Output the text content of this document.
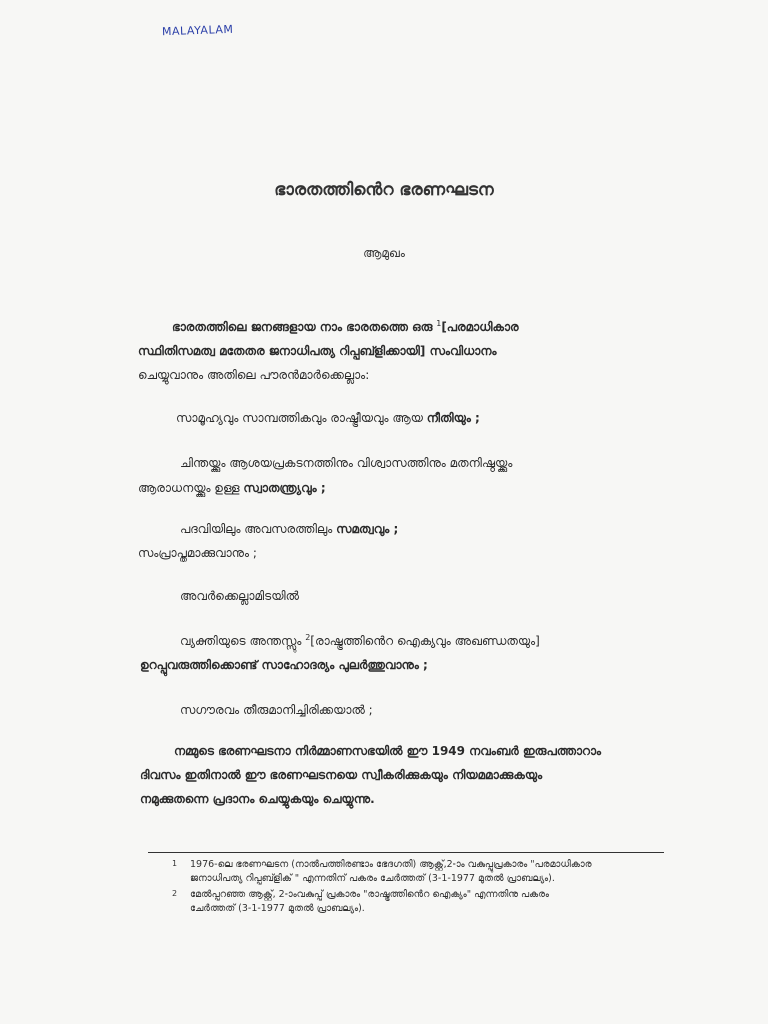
MALAYALAM
ഭാരതത്തിൻെറ ഭരണഘടന
ആമുഖം
ഭാരതത്തിലെ ജനങ്ങളായ നാം ഭാരതത്തെ ഒരു $^1$[പരമാധികാര
സ്ഥിതിസമത്വ മതേതര ജനാധിപത്യ റിപ്പബ്ളിക്കായി] സംവിധാനം
ചെയ്യുവാനും അതിലെ പൗരൻമാർക്കെല്ലാം:
സാമൂഹ്യവും സാമ്പത്തികവും രാഷ്ട്രീയവും ആയ നീതിയും ;
ചിന്തയ്ക്കും ആശയപ്രകടനത്തിനും വിശ്വാസത്തിനും മതനിഷ്ഠയ്ക്കും
ആരാധനയ്ക്കും ഉള്ള സ്വാതന്ത്ര്യവും ;
പദവിയിലും അവസരത്തിലും സമത്വവും ;
സംപ്രാപ്തമാക്കുവാനും ;
അവർക്കെല്ലാമിടയിൽ
വ്യക്തിയുടെ അന്തസ്സും $^2$[രാഷ്ട്രത്തിൻെറ ഐക്യവും അഖണ്ഡതയും]
ഉറപ്പുവരുത്തിക്കൊണ്ട് സാഹോദര്യം പുലർത്തുവാനും ;
സഗൗരവം തീരുമാനിച്ചിരിക്കയാൽ ;
നമ്മുടെ ഭരണഘടനാ നിർമ്മാണസഭയിൽ ഈ 1949 നവംബർ ഇരുപത്താറാം
ദിവസം ഇതിനാൽ ഈ ഭരണഘടനയെ സ്വീകരിക്കുകയും നിയമമാക്കുകയും
നമുക്കുതന്നെ പ്രദാനം ചെയ്യുകയും ചെയ്യുന്നു.
1 1976-ലെ ഭരണഘടന (നാൽപത്തിരണ്ടാം ഭേദഗതി) ആക്റ്റ്,2-ാം വകുപ്പുപ്രകാരം "പരമാധികാര
ജനാധിപത്യ റിപ്പബ്ളിക് " എന്നതിന് പകരം ചേർത്തത് (3-1-1977 മുതൽ പ്രാബല്യം).
2 മേൽപ്പറഞ്ഞ ആക്റ്റ്, 2-ാംവകുപ്പ് പ്രകാരം "രാഷ്ട്രത്തിൻെറ ഐക്യം" എന്നതിനു പകരം
ചേർത്തത് (3-1-1977 മുതൽ പ്രാബല്യം).
